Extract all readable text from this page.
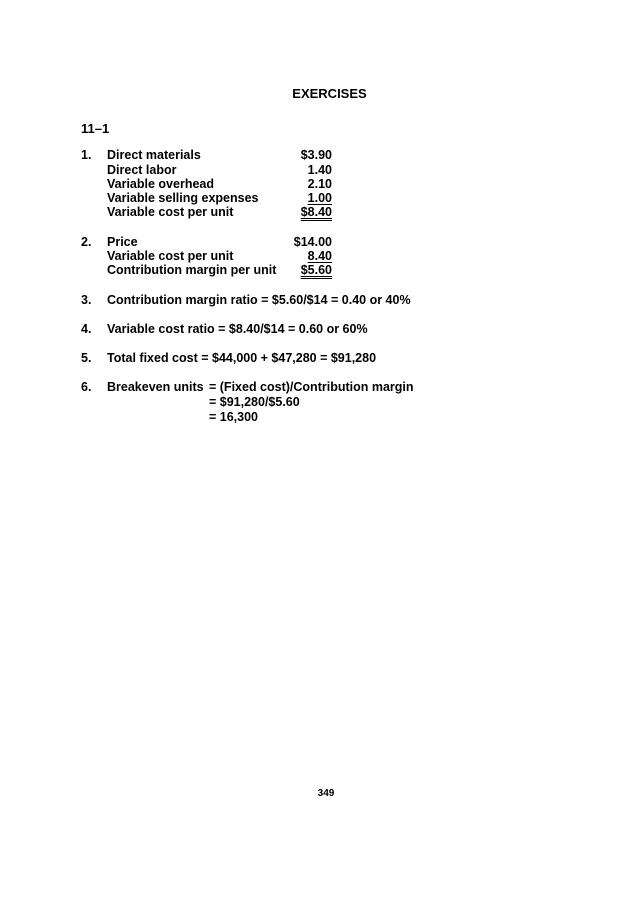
EXERCISES
11–1
1.	Direct materials	$3.90
Direct labor	1.40
Variable overhead	2.10
Variable selling expenses	1.00
Variable cost per unit	$8.40
2.	Price	$14.00
Variable cost per unit	8.40
Contribution margin per unit	$5.60
3.	Contribution margin ratio = $5.60/$14 = 0.40 or 40%
4.	Variable cost ratio = $8.40/$14 = 0.60 or 60%
5.	Total fixed cost = $44,000 + $47,280 = $91,280
6.	Breakeven units = (Fixed cost)/Contribution margin
= $91,280/$5.60
= 16,300
349
